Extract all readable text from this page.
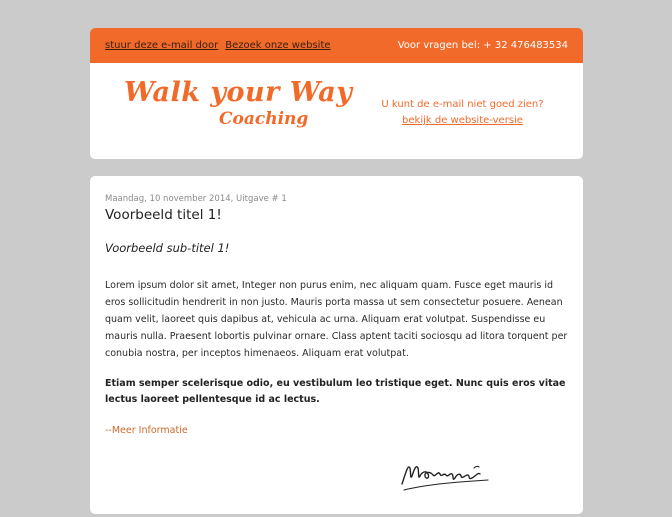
stuur deze e-mail door Bezoek onze website	Voor vragen bel: + 32 476483534
Walk your Way
Coaching
U kunt de e-mail niet goed zien?
bekijk de website-versie

Maandag, 10 november 2014, Uitgave # 1

Voorbeeld titel 1!

Voorbeeld sub-titel 1!

Lorem ipsum dolor sit amet, Integer non purus enim, nec aliquam quam. Fusce eget mauris id eros sollicitudin hendrerit in non justo. Mauris porta massa ut sem consectetur posuere. Aenean quam velit, laoreet quis dapibus at, vehicula ac urna. Aliquam erat volutpat. Suspendisse eu mauris nulla. Praesent lobortis pulvinar ornare. Class aptent taciti sociosqu ad litora torquent per conubia nostra, per inceptos himenaeos. Aliquam erat volutpat.

Etiam semper scelerisque odio, eu vestibulum leo tristique eget. Nunc quis eros vitae lectus laoreet pellentesque id ac lectus.

--Meer Informatie
